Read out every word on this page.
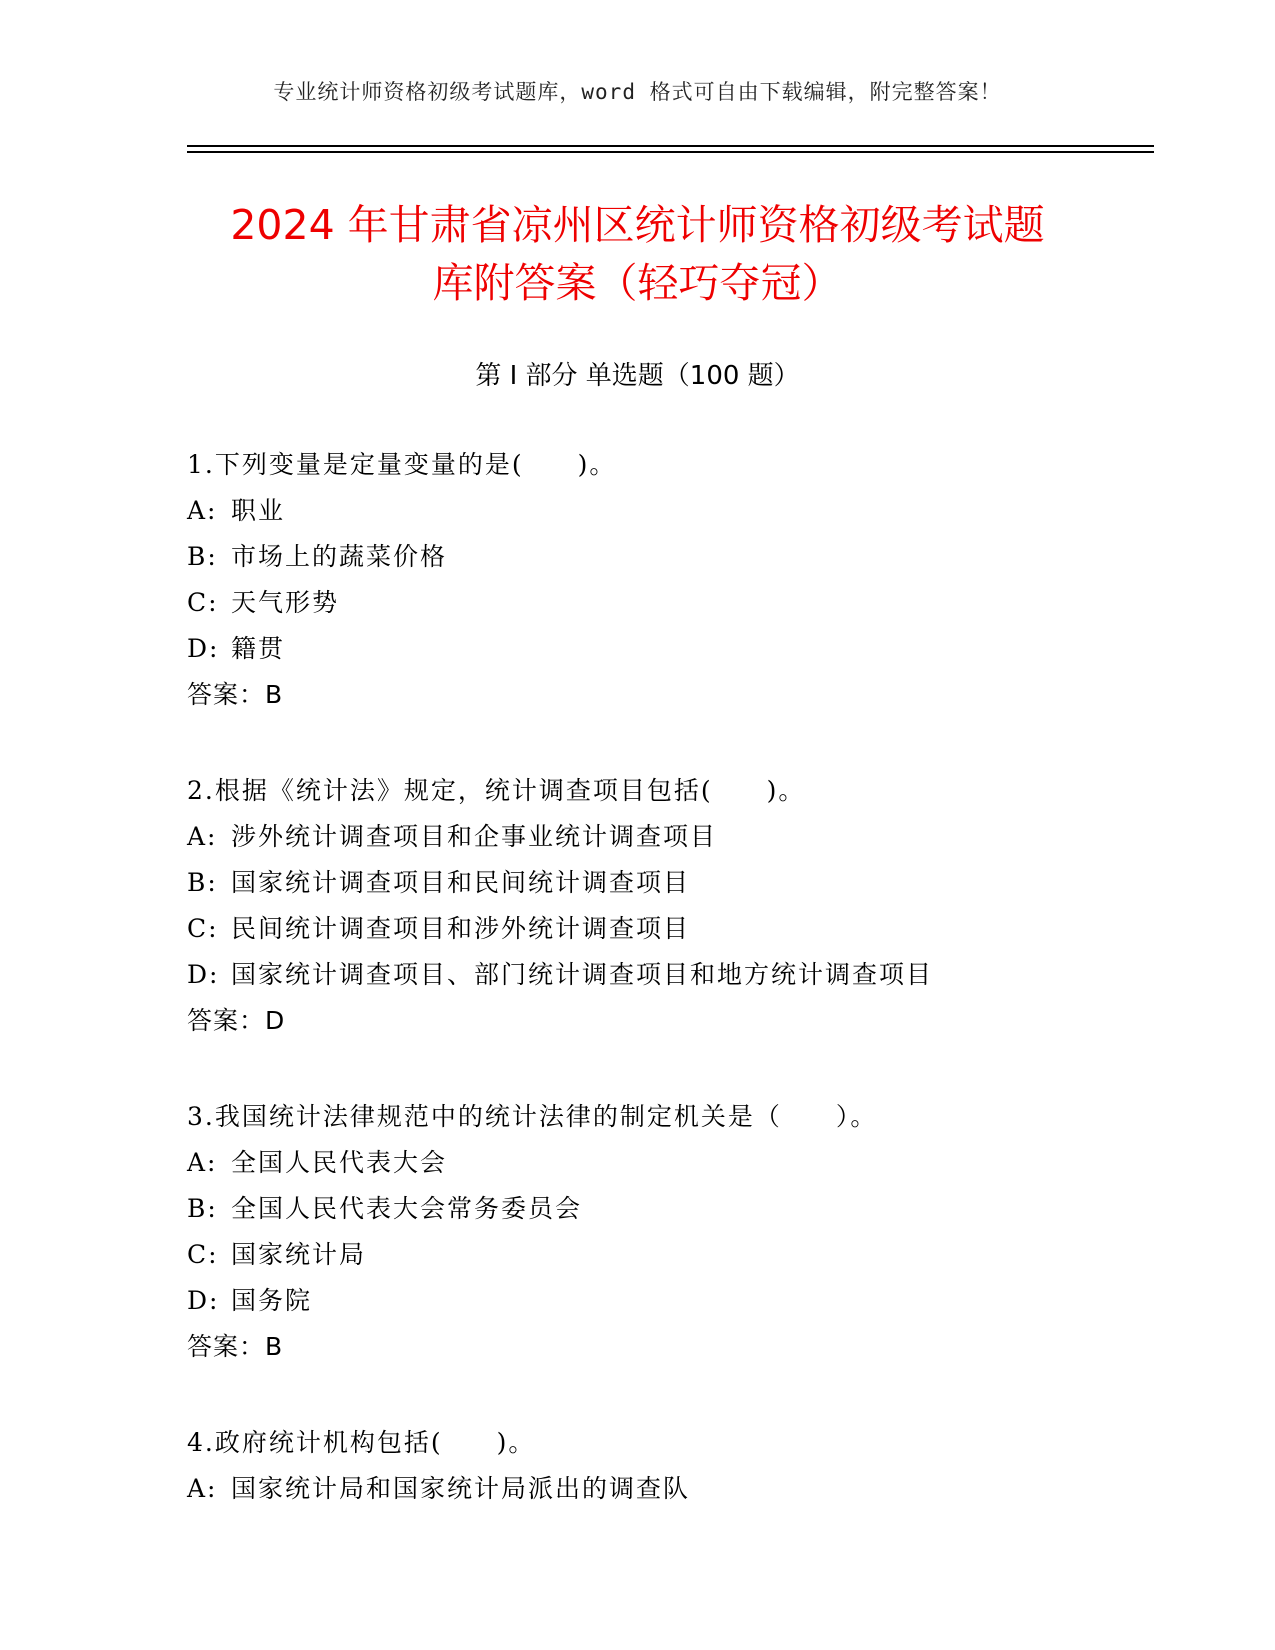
专业统计师资格初级考试题库，word 格式可自由下载编辑，附完整答案！
2024 年甘肃省凉州区统计师资格初级考试题
库附答案（轻巧夺冠）
第 I 部分 单选题（100 题）
1.下列变量是定量变量的是(　　)。
A: 职业
B: 市场上的蔬菜价格
C: 天气形势
D: 籍贯
答案：B
2.根据《统计法》规定，统计调查项目包括(　　)。
A: 涉外统计调查项目和企事业统计调查项目
B: 国家统计调查项目和民间统计调查项目
C: 民间统计调查项目和涉外统计调查项目
D: 国家统计调查项目、部门统计调查项目和地方统计调查项目
答案：D
3.我国统计法律规范中的统计法律的制定机关是（　　）。
A: 全国人民代表大会
B: 全国人民代表大会常务委员会
C: 国家统计局
D: 国务院
答案：B
4.政府统计机构包括(　　)。
A: 国家统计局和国家统计局派出的调查队
